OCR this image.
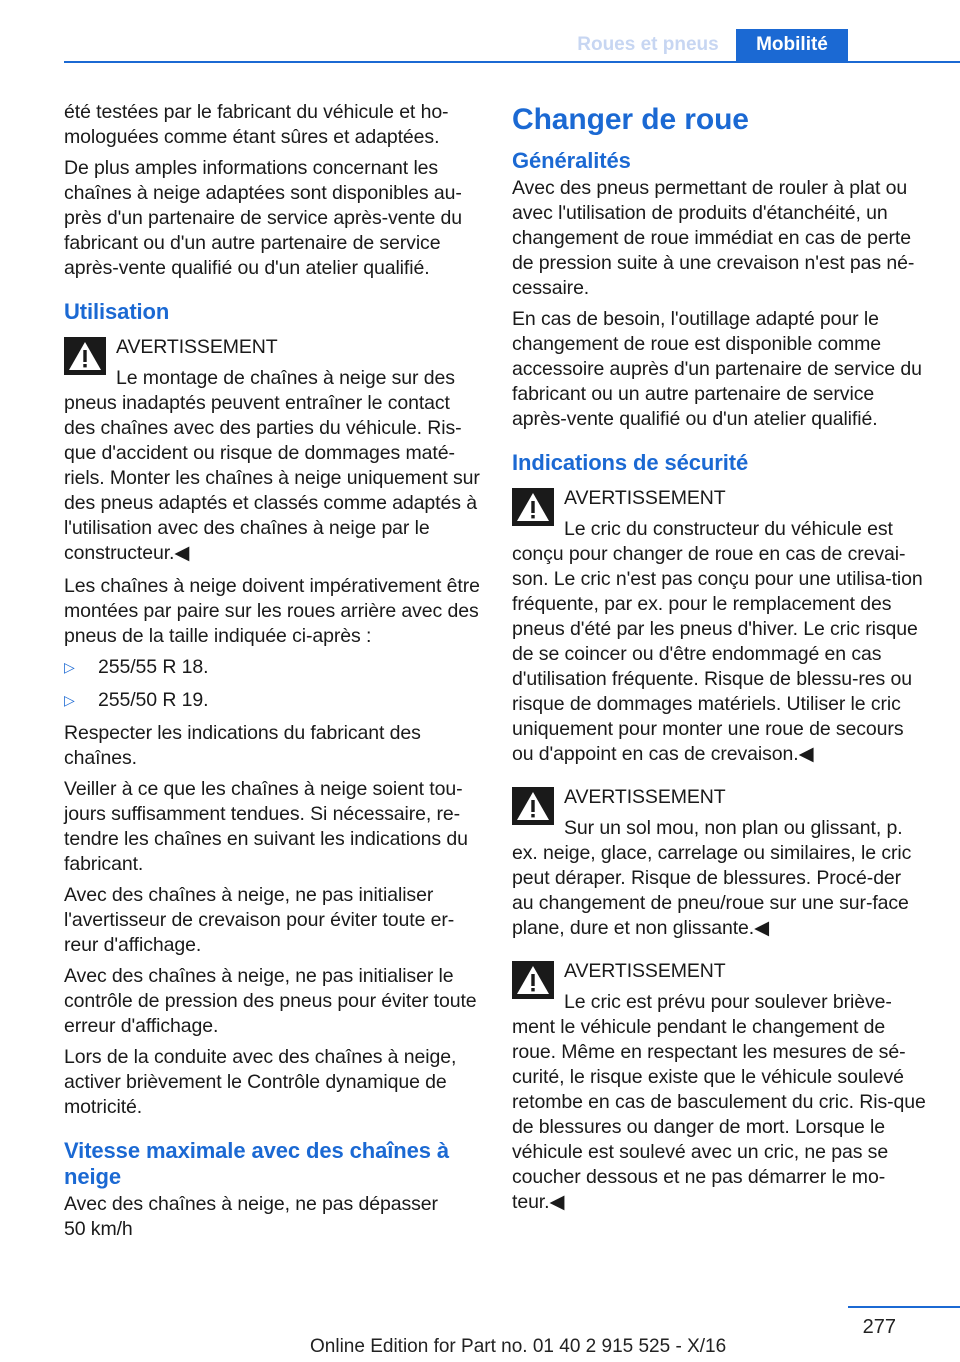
Roues et pneus	Mobilité
été testées par le fabricant du véhicule et ho‐mologuées comme étant sûres et adaptées.
De plus amples informations concernant les chaînes à neige adaptées sont disponibles au‐près d'un partenaire de service après-vente du fabricant ou d'un autre partenaire de service après-vente qualifié ou d'un atelier qualifié.
Utilisation
AVERTISSEMENT
Le montage de chaînes à neige sur des pneus inadaptés peuvent entraîner le contact des chaînes avec des parties du véhicule. Ris‐que d'accident ou risque de dommages maté‐riels. Monter les chaînes à neige uniquement sur des pneus adaptés et classés comme adaptés à l'utilisation avec des chaînes à neige par le constructeur.◀
Les chaînes à neige doivent impérativement être montées par paire sur les roues arrière avec des pneus de la taille indiquée ci-après :
▷ 255/55 R 18.
▷ 255/50 R 19.
Respecter les indications du fabricant des chaînes.
Veiller à ce que les chaînes à neige soient tou‐jours suffisamment tendues. Si nécessaire, re‐tendre les chaînes en suivant les indications du fabricant.
Avec des chaînes à neige, ne pas initialiser l'avertisseur de crevaison pour éviter toute er‐reur d'affichage.
Avec des chaînes à neige, ne pas initialiser le contrôle de pression des pneus pour éviter toute erreur d'affichage.
Lors de la conduite avec des chaînes à neige, activer brièvement le Contrôle dynamique de motricité.
Vitesse maximale avec des chaînes à neige
Avec des chaînes à neige, ne pas dépasser
50 km/h
Changer de roue
Généralités
Avec des pneus permettant de rouler à plat ou avec l'utilisation de produits d'étanchéité, un changement de roue immédiat en cas de perte de pression suite à une crevaison n'est pas né‐cessaire.
En cas de besoin, l'outillage adapté pour le changement de roue est disponible comme accessoire auprès d'un partenaire de service du fabricant ou un autre partenaire de service après-vente qualifié ou d'un atelier qualifié.
Indications de sécurité
AVERTISSEMENT
Le cric du constructeur du véhicule est conçu pour changer de roue en cas de crevai‐son. Le cric n'est pas conçu pour une utilisa‐tion fréquente, par ex. pour le remplacement des pneus d'été par les pneus d'hiver. Le cric risque de se coincer ou d'être endommagé en cas d'utilisation fréquente. Risque de blessu‐res ou risque de dommages matériels. Utiliser le cric uniquement pour monter une roue de secours ou d'appoint en cas de crevaison.◀
AVERTISSEMENT
Sur un sol mou, non plan ou glissant, p. ex. neige, glace, carrelage ou similaires, le cric peut déraper. Risque de blessures. Procé‐der au changement de pneu/roue sur une sur‐face plane, dure et non glissante.◀
AVERTISSEMENT
Le cric est prévu pour soulever briève‐ment le véhicule pendant le changement de roue. Même en respectant les mesures de sé‐curité, le risque existe que le véhicule soulevé retombe en cas de basculement du cric. Ris‐que de blessures ou danger de mort. Lorsque le véhicule est soulevé avec un cric, ne pas se coucher dessous et ne pas démarrer le mo‐teur.◀
277
Online Edition for Part no. 01 40 2 915 525 - X/16
